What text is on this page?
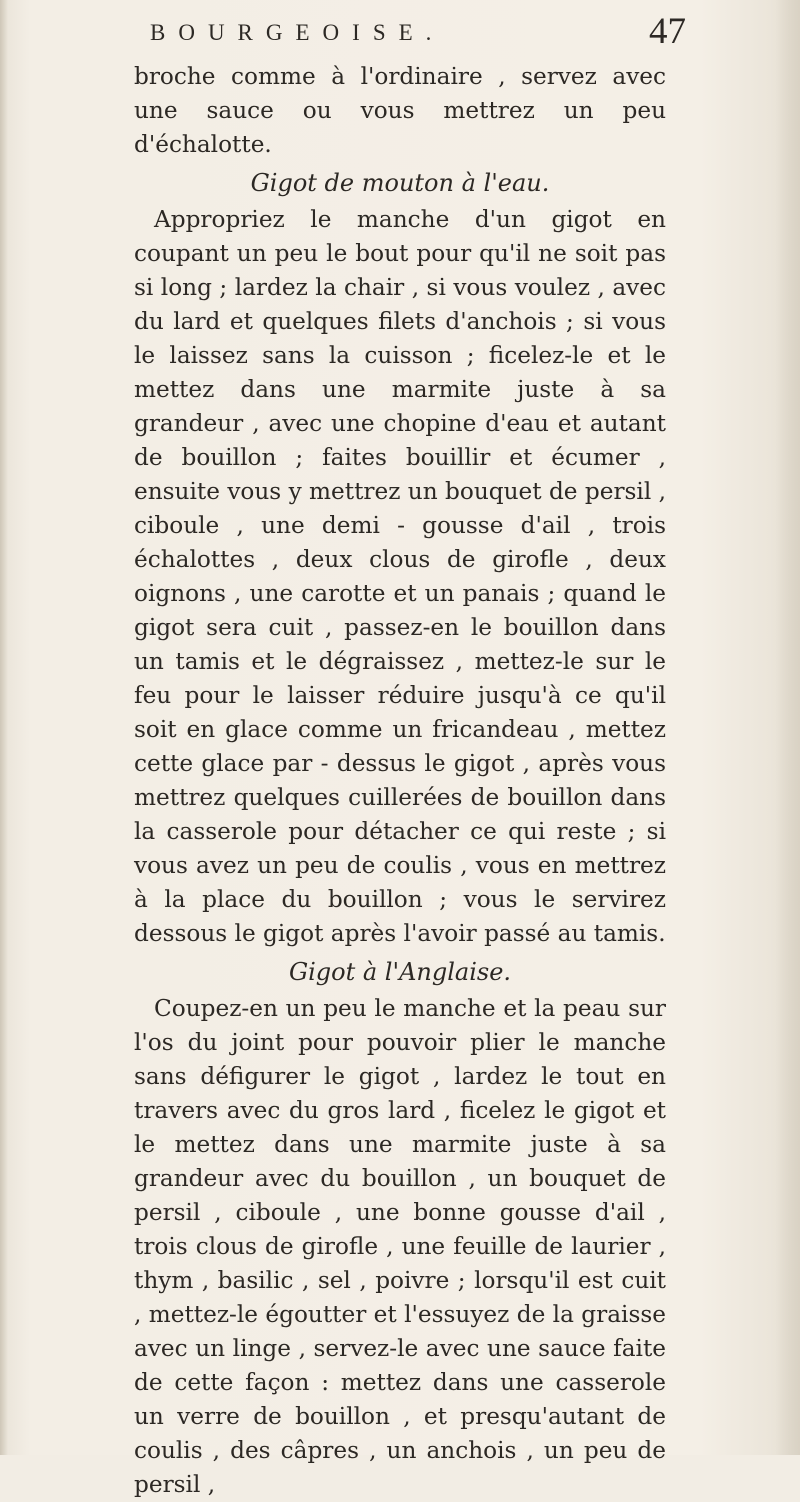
BOURGEOISE.	47

broche comme à l'ordinaire , servez avec une sauce ou vous mettrez un peu d'échalotte.

Gigot de mouton à l'eau.

Appropriez le manche d'un gigot en coupant un peu le bout pour qu'il ne soit pas si long ; lardez la chair , si vous voulez , avec du lard et quelques filets d'anchois ; si vous le laissez sans la cuisson ; ficelez-le et le mettez dans une marmite juste à sa grandeur , avec une chopine d'eau et autant de bouillon ; faites bouillir et écumer , ensuite vous y mettrez un bouquet de persil , ciboule , une demi - gousse d'ail , trois échalottes , deux clous de girofle , deux oignons , une carotte et un panais ; quand le gigot sera cuit , passez-en le bouillon dans un tamis et le dégraissez , mettez-le sur le feu pour le laisser réduire jusqu'à ce qu'il soit en glace comme un fricandeau , mettez cette glace par - dessus le gigot , après vous mettrez quelques cuillerées de bouillon dans la casserole pour détacher ce qui reste ; si vous avez un peu de coulis , vous en mettrez à la place du bouillon ; vous le servirez dessous le gigot après l'avoir passé au tamis.

Gigot à l'Anglaise.

Coupez-en un peu le manche et la peau sur l'os du joint pour pouvoir plier le manche sans défigurer le gigot , lardez le tout en travers avec du gros lard , ficelez le gigot et le mettez dans une marmite juste à sa grandeur avec du bouillon , un bouquet de persil , ciboule , une bonne gousse d'ail , trois clous de girofle , une feuille de laurier , thym , basilic , sel , poivre ; lorsqu'il est cuit , mettez-le égoutter et l'essuyez de la graisse avec un linge , servez-le avec une sauce faite de cette façon : mettez dans une casserole un verre de bouillon , et presqu'autant de coulis , des câpres , un anchois , un peu de persil ,
